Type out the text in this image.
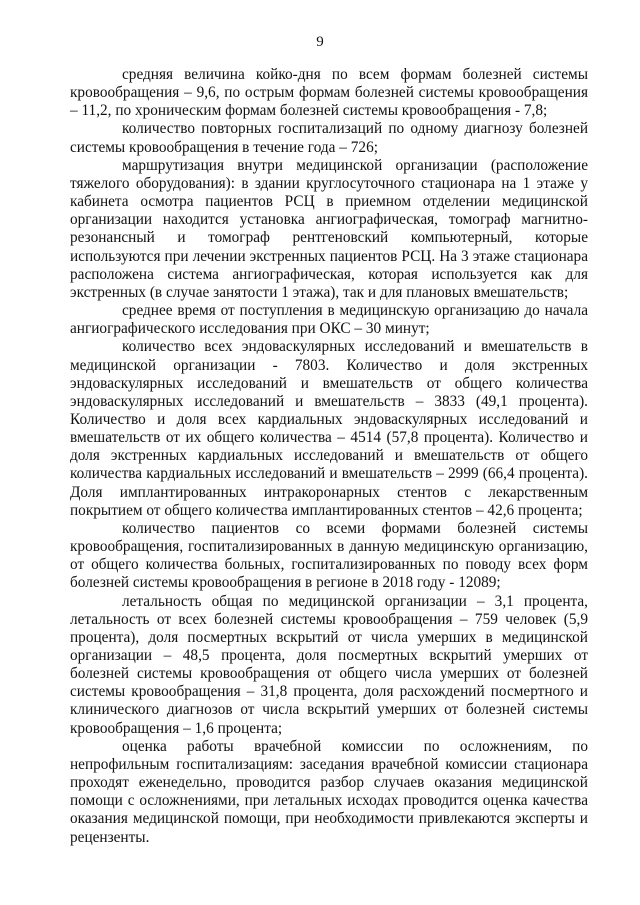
9

средняя величина койко-дня по всем формам болезней системы кровообращения – 9,6, по острым формам болезней системы кровообращения – 11,2, по хроническим формам болезней системы кровообращения - 7,8;

количество повторных госпитализаций по одному диагнозу болезней системы кровообращения в течение года – 726;

маршрутизация внутри медицинской организации (расположение тяжелого оборудования): в здании круглосуточного стационара на 1 этаже у кабинета осмотра пациентов РСЦ в приемном отделении медицинской организации находится установка ангиографическая, томограф магнитно-резонансный и томограф рентгеновский компьютерный, которые используются при лечении экстренных пациентов РСЦ. На 3 этаже стационара расположена система ангиографическая, которая используется как для экстренных (в случае занятости 1 этажа), так и для плановых вмешательств;

среднее время от поступления в медицинскую организацию до начала ангиографического исследования при ОКС – 30 минут;

количество всех эндоваскулярных исследований и вмешательств в медицинской организации - 7803. Количество и доля экстренных эндоваскулярных исследований и вмешательств от общего количества эндоваскулярных исследований и вмешательств – 3833 (49,1 процента). Количество и доля всех кардиальных эндоваскулярных исследований и вмешательств от их общего количества – 4514 (57,8 процента). Количество и доля экстренных кардиальных исследований и вмешательств от общего количества кардиальных исследований и вмешательств – 2999 (66,4 процента). Доля имплантированных интракоронарных стентов с лекарственным покрытием от общего количества имплантированных стентов – 42,6 процента;

количество пациентов со всеми формами болезней системы кровообращения, госпитализированных в данную медицинскую организацию, от общего количества больных, госпитализированных по поводу всех форм болезней системы кровообращения в регионе в 2018 году - 12089;

летальность общая по медицинской организации – 3,1 процента, летальность от всех болезней системы кровообращения – 759 человек (5,9 процента), доля посмертных вскрытий от числа умерших в медицинской организации – 48,5 процента, доля посмертных вскрытий умерших от болезней системы кровообращения от общего числа умерших от болезней системы кровообращения – 31,8 процента, доля расхождений посмертного и клинического диагнозов от числа вскрытий умерших от болезней системы кровообращения – 1,6 процента;

оценка работы врачебной комиссии по осложнениям, по непрофильным госпитализациям: заседания врачебной комиссии стационара проходят еженедельно, проводится разбор случаев оказания медицинской помощи с осложнениями, при летальных исходах проводится оценка качества оказания медицинской помощи, при необходимости привлекаются эксперты и рецензенты.
